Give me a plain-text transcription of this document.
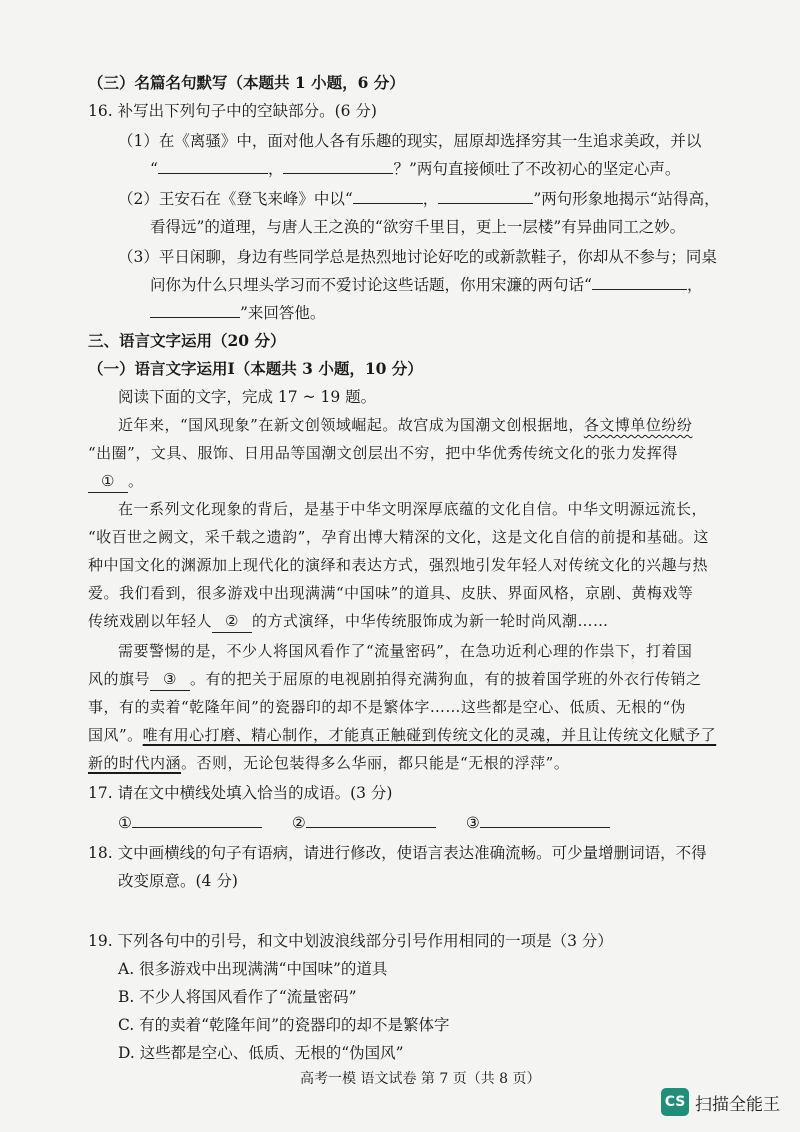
（三）名篇名句默写（本题共 1 小题，6 分）
16. 补写出下列句子中的空缺部分。(6 分)
（1）在《离骚》中，面对他人各有乐趣的现实，屈原却选择穷其一生追求美政，并以
“	，	？”两句直接倾吐了不改初心的坚定心声。
（2）王安石在《登飞来峰》中以“	，	”两句形象地揭示“站得高，
看得远”的道理，与唐人王之涣的“欲穷千里目，更上一层楼”有异曲同工之妙。
（3）平日闲聊，身边有些同学总是热烈地讨论好吃的或新款鞋子，你却从不参与；同桌
问你为什么只埋头学习而不爱讨论这些话题，你用宋濂的两句话“	，
”来回答他。
三、语言文字运用（20 分）
（一）语言文字运用Ⅰ（本题共 3 小题，10 分）
阅读下面的文字，完成 17 ~ 19 题。
近年来，“国风现象”在新文创领域崛起。故宫成为国潮文创根据地，各文博单位纷纷
“出圈”，文具、服饰、日用品等国潮文创层出不穷，把中华优秀传统文化的张力发挥得
① 。
在一系列文化现象的背后，是基于中华文明深厚底蕴的文化自信。中华文明源远流长，
“收百世之阙文，采千载之遗韵”，孕育出博大精深的文化，这是文化自信的前提和基础。这
种中国文化的渊源加上现代化的演绎和表达方式，强烈地引发年轻人对传统文化的兴趣与热
爱。我们看到，很多游戏中出现满满“中国味”的道具、皮肤、界面风格，京剧、黄梅戏等
传统戏剧以年轻人 ② 的方式演绎，中华传统服饰成为新一轮时尚风潮……
需要警惕的是，不少人将国风看作了“流量密码”，在急功近利心理的作祟下，打着国
风的旗号 ③ 。有的把关于屈原的电视剧拍得充满狗血，有的披着国学班的外衣行传销之
事，有的卖着“乾隆年间”的瓷器印的却不是繁体字……这些都是空心、低质、无根的“伪
国风”。唯有用心打磨、精心制作，才能真正触碰到传统文化的灵魂，并且让传统文化赋予了
新的时代内涵。否则，无论包装得多么华丽，都只能是“无根的浮萍”。
17. 请在文中横线处填入恰当的成语。(3 分)
①	②	③
18. 文中画横线的句子有语病，请进行修改，使语言表达准确流畅。可少量增删词语，不得
改变原意。(4 分)
19. 下列各句中的引号，和文中划波浪线部分引号作用相同的一项是（3 分）
A. 很多游戏中出现满满“中国味”的道具
B. 不少人将国风看作了“流量密码”
C. 有的卖着“乾隆年间”的瓷器印的却不是繁体字
D. 这些都是空心、低质、无根的“伪国风”
高考一模 语文试卷 第 7 页（共 8 页）
CS 扫描全能王
